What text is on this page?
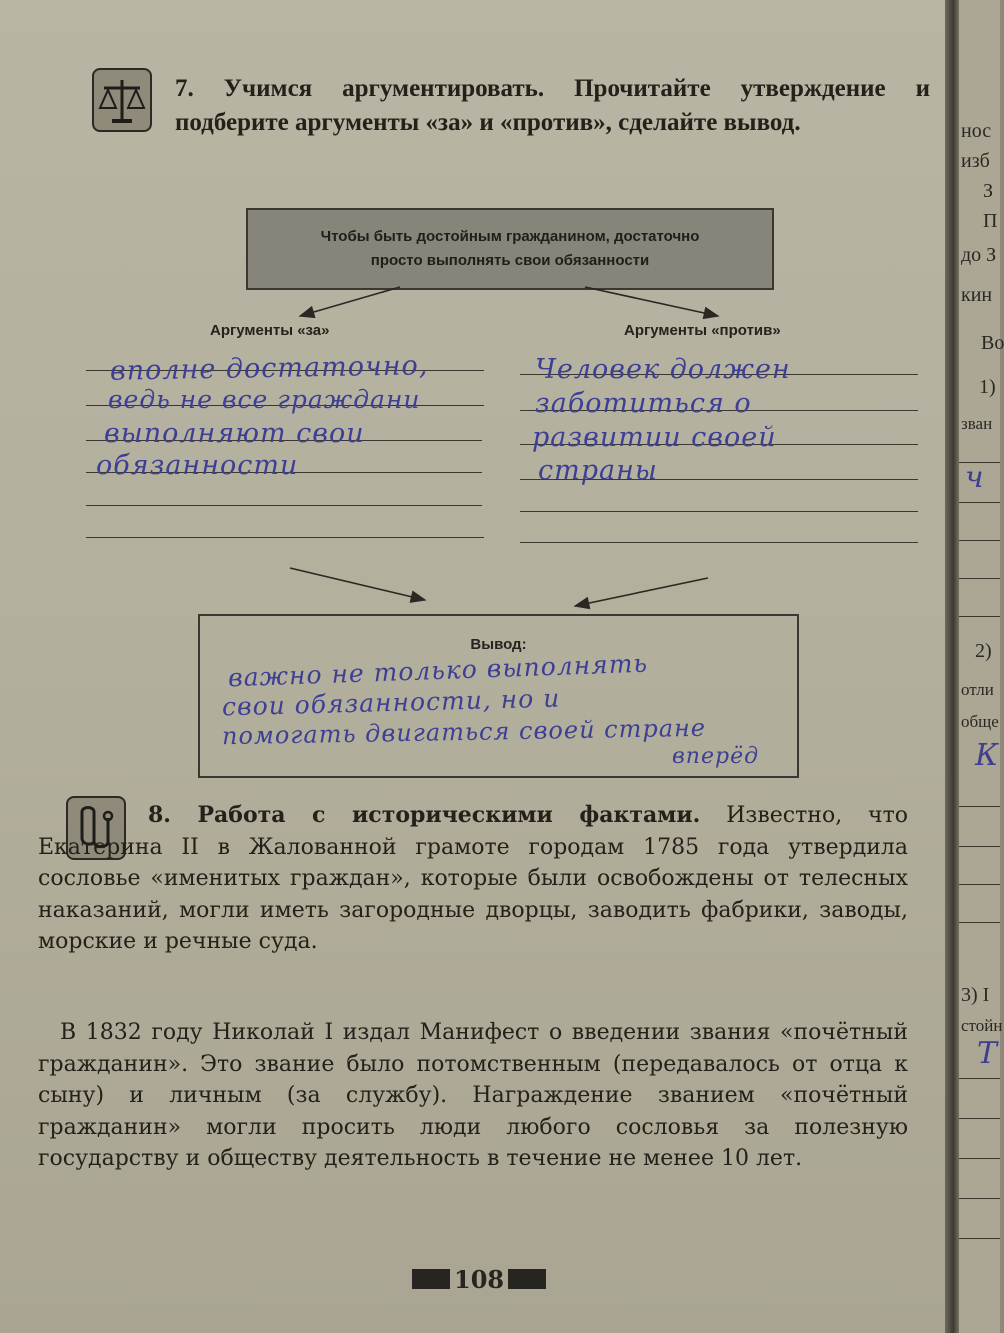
7. Учимся аргументировать. Прочитайте утверждение и подберите аргументы «за» и «против», сделайте вывод.
Чтобы быть достойным гражданином, достаточно
просто выполнять свои обязанности
Аргументы «за»	Аргументы «против»
вполне достаточно,
ведь не все граждани
выполняют свои
обязанности
Человек должен
заботиться о
развитии своей
страны
Вывод:
важно не только выполнять
свои обязанности, но и
помогать двигаться своей стране
вперёд
8. Работа с историческими фактами. Известно, что Екатерина II в Жалованной грамоте городам 1785 года утвердила сословье «именитых граждан», которые были освобождены от телесных наказаний, могли иметь загородные дворцы, заводить фабрики, заводы, морские и речные суда.
В 1832 году Николай I издал Манифест о введении звания «почётный гражданин». Это звание было потомственным (передавалось от отца к сыну) и личным (за службу). Награждение званием «почётный гражданин» могли просить люди любого сословья за полезную государству и обществу деятельность в течение не менее 10 лет.
108
нос
изб
З
П
до З
кин
Во
1)
зван
ч
2)
отли
обще
К
3) I
стойн
Т
